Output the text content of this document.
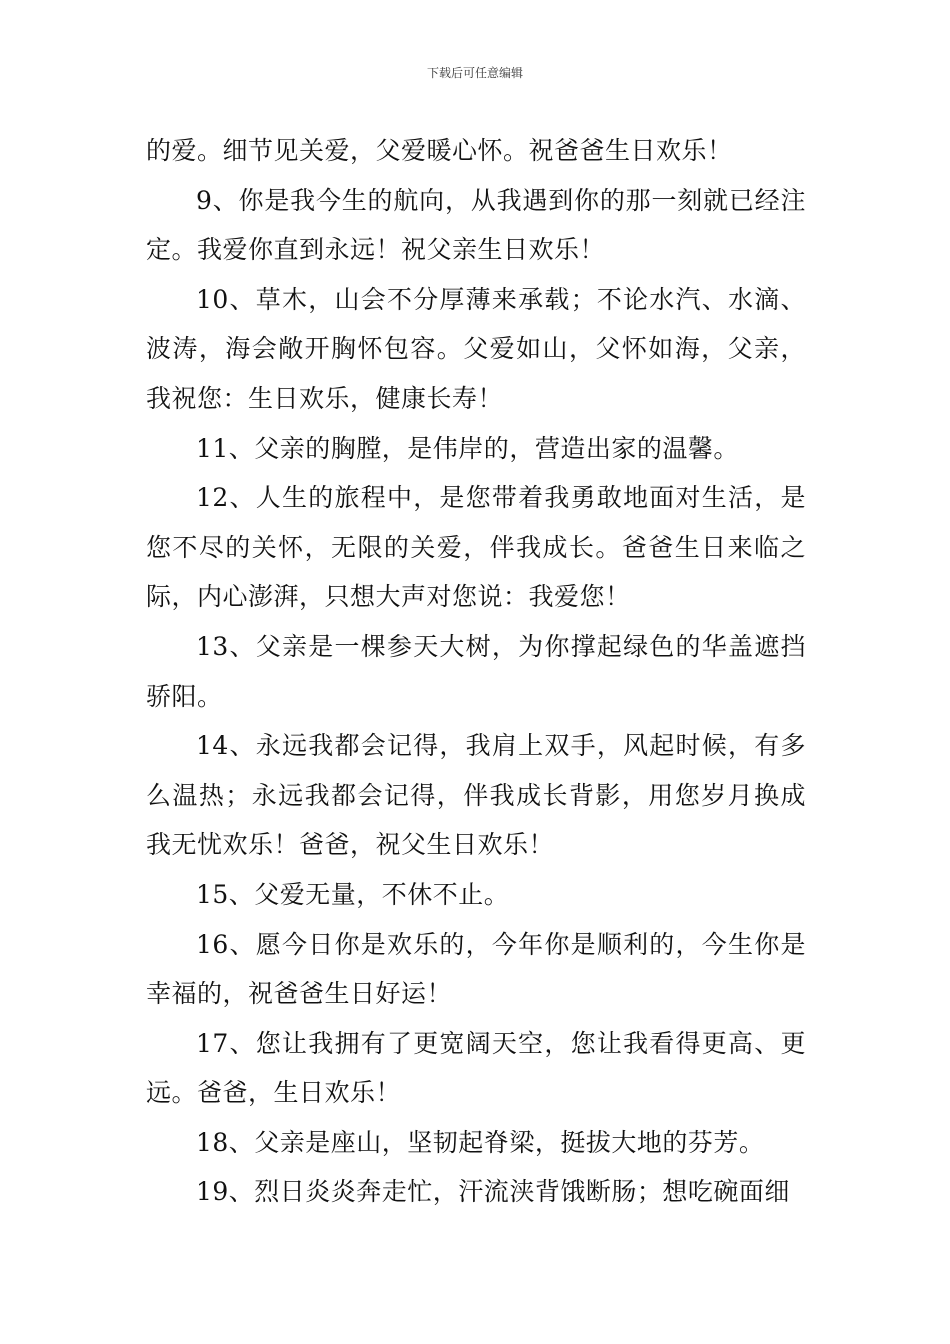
下载后可任意编辑

的爱。细节见关爱，父爱暖心怀。祝爸爸生日欢乐！

9、你是我今生的航向，从我遇到你的那一刻就已经注定。我爱你直到永远！祝父亲生日欢乐！

10、草木，山会不分厚薄来承载；不论水汽、水滴、波涛，海会敞开胸怀包容。父爱如山，父怀如海，父亲，我祝您：生日欢乐，健康长寿！

11、父亲的胸膛，是伟岸的，营造出家的温馨。

12、人生的旅程中，是您带着我勇敢地面对生活，是您不尽的关怀，无限的关爱，伴我成长。爸爸生日来临之际，内心澎湃，只想大声对您说：我爱您！

13、父亲是一棵参天大树，为你撑起绿色的华盖遮挡骄阳。

14、永远我都会记得，我肩上双手，风起时候，有多么温热；永远我都会记得，伴我成长背影，用您岁月换成我无忧欢乐！爸爸，祝父生日欢乐！

15、父爱无量，不休不止。

16、愿今日你是欢乐的，今年你是顺利的，今生你是幸福的，祝爸爸生日好运！

17、您让我拥有了更宽阔天空，您让我看得更高、更远。爸爸，生日欢乐！

18、父亲是座山，坚韧起脊梁，挺拔大地的芬芳。

19、烈日炎炎奔走忙，汗流浃背饿断肠；想吃碗面细
